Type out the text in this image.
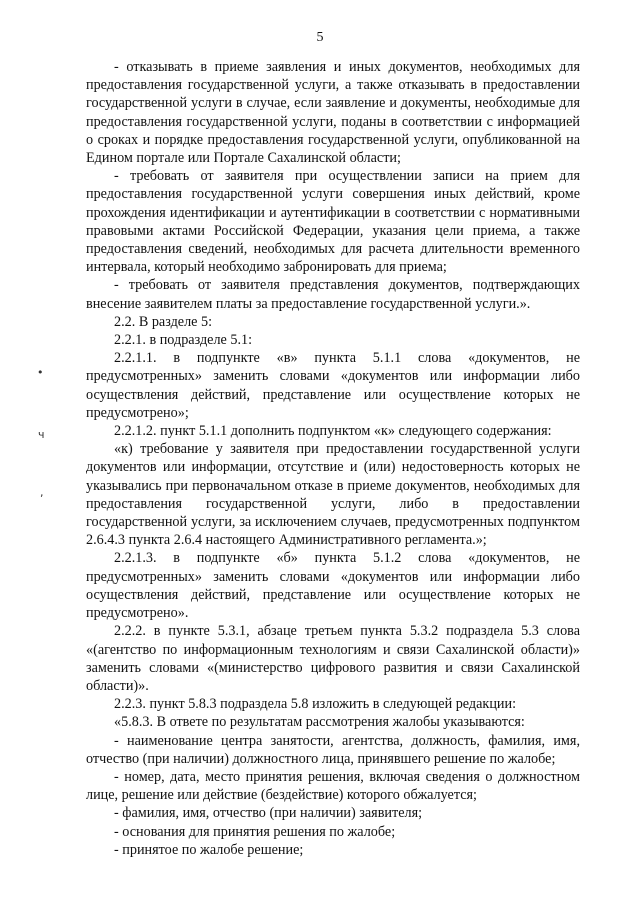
5
•
ч
,

- отказывать в приеме заявления и иных документов, необходимых для предоставления государственной услуги, а также отказывать в предоставлении государственной услуги в случае, если заявление и документы, необходимые для предоставления государственной услуги, поданы в соответствии с информацией о сроках и порядке предоставления государственной услуги, опубликованной на Едином портале или Портале Сахалинской области;

- требовать от заявителя при осуществлении записи на прием для предоставления государственной услуги совершения иных действий, кроме прохождения идентификации и аутентификации в соответствии с нормативными правовыми актами Российской Федерации, указания цели приема, а также предоставления сведений, необходимых для расчета длительности временного интервала, который необходимо забронировать для приема;

- требовать от заявителя представления документов, подтверждающих внесение заявителем платы за предоставление государственной услуги.».

2.2. В разделе 5:

2.2.1. в подразделе 5.1:

2.2.1.1. в подпункте «в» пункта 5.1.1 слова «документов, не предусмотренных» заменить словами «документов или информации либо осуществления действий, представление или осуществление которых не предусмотрено»;

2.2.1.2. пункт 5.1.1 дополнить подпунктом «к» следующего содержания:

«к) требование у заявителя при предоставлении государственной услуги документов или информации, отсутствие и (или) недостоверность которых не указывались при первоначальном отказе в приеме документов, необходимых для предоставления государственной услуги, либо в предоставлении государственной услуги, за исключением случаев, предусмотренных подпунктом 2.6.4.3 пункта 2.6.4 настоящего Административного регламента.»;

2.2.1.3. в подпункте «б» пункта 5.1.2 слова «документов, не предусмотренных» заменить словами «документов или информации либо осуществления действий, представление или осуществление которых не предусмотрено».

2.2.2. в пункте 5.3.1, абзаце третьем пункта 5.3.2 подраздела 5.3 слова «(агентство по информационным технологиям и связи Сахалинской области)» заменить словами «(министерство цифрового развития и связи Сахалинской области)».

2.2.3. пункт 5.8.3 подраздела 5.8 изложить в следующей редакции:

«5.8.3. В ответе по результатам рассмотрения жалобы указываются:

- наименование центра занятости, агентства, должность, фамилия, имя, отчество (при наличии) должностного лица, принявшего решение по жалобе;

- номер, дата, место принятия решения, включая сведения о должностном лице, решение или действие (бездействие) которого обжалуется;

- фамилия, имя, отчество (при наличии) заявителя;

- основания для принятия решения по жалобе;

- принятое по жалобе решение;
